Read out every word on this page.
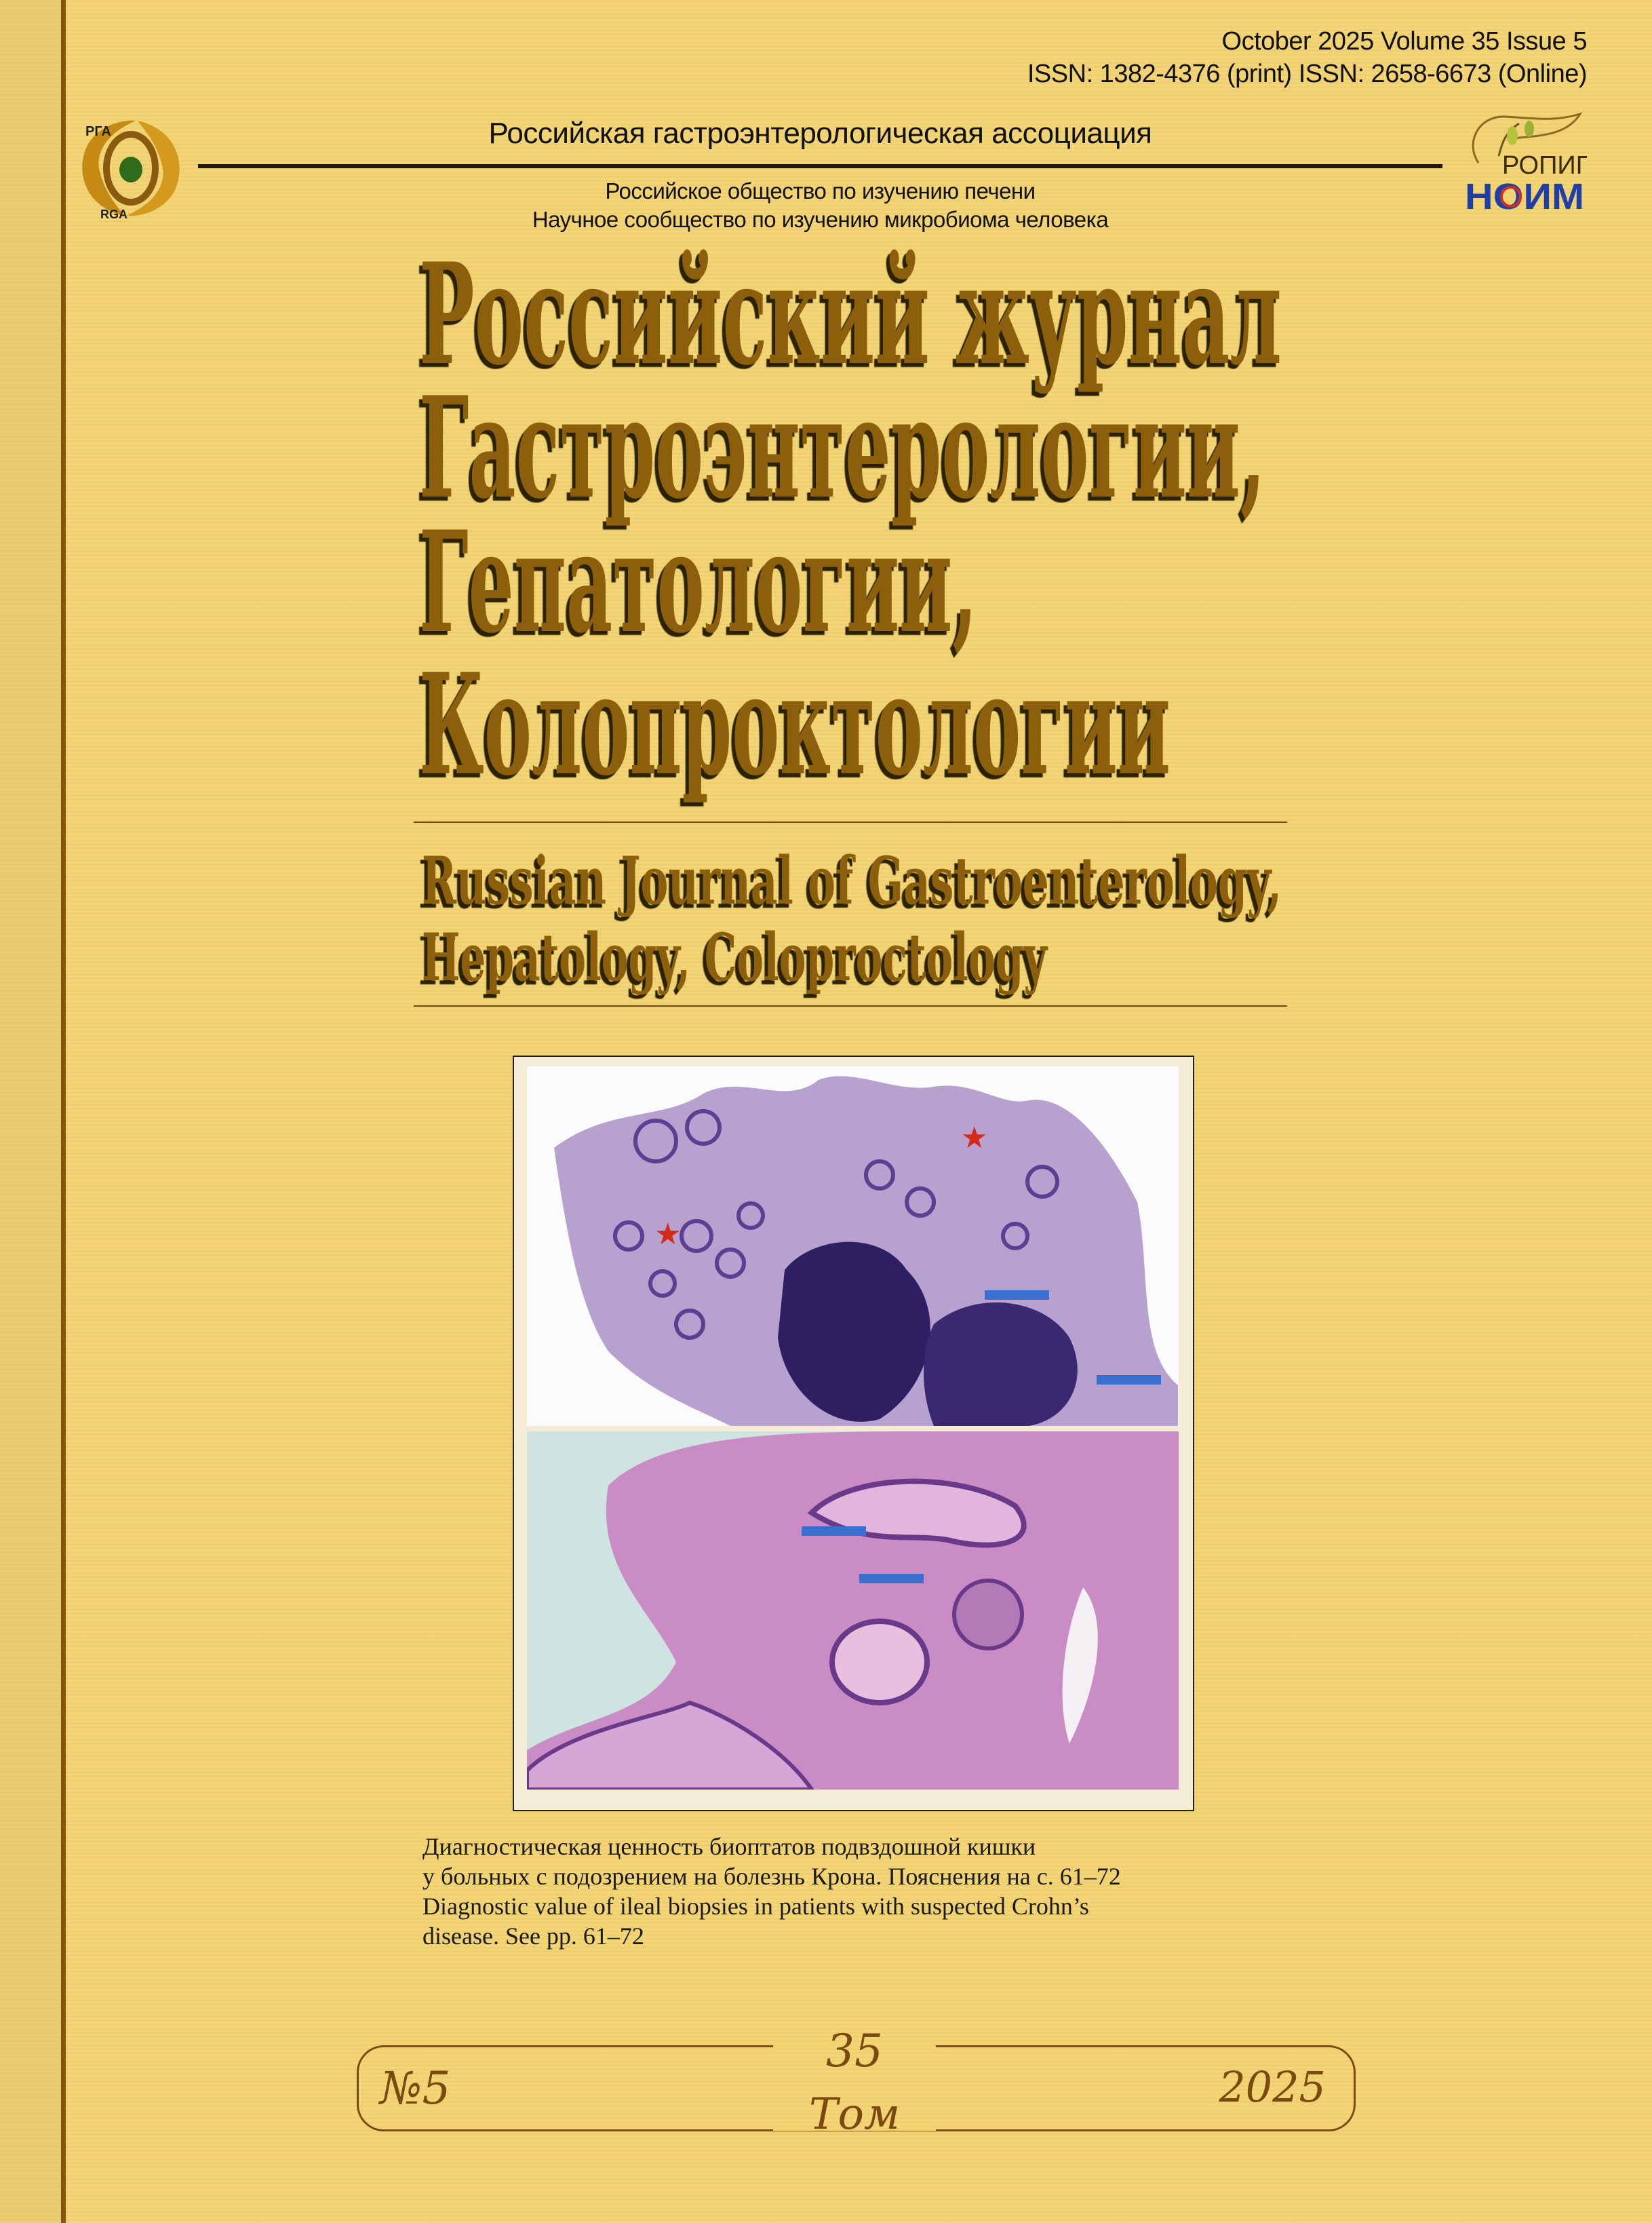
October 2025 Volume 35 Issue 5
ISSN: 1382-4376 (print) ISSN: 2658-6673 (Online)
РГА
RGA
Российская гастроэнтерологическая ассоциация
Российское общество по изучению печени
Научное сообщество по изучению микробиома человека
РОПИП
НОИМ
Российский журнал
Гастроэнтерологии,
Гепатологии,
Колопроктологии
Russian Journal of Gastroenterology,
Hepatology, Coloproctology
★
★
Диагностическая ценность биоптатов подвздошной кишки
у больных с подозрением на болезнь Крона. Пояснения на с. 61–72
Diagnostic value of ileal biopsies in patients with suspected Crohn’s
disease. See pp. 61–72
№5
35
Том
2025
